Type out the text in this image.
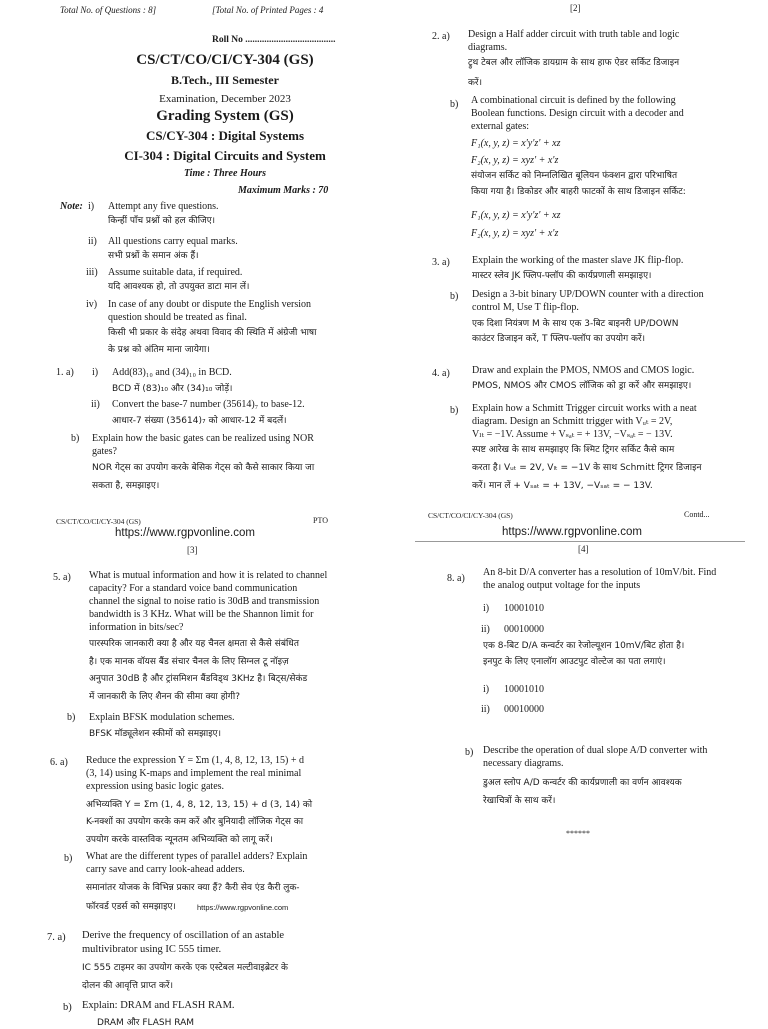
Total No. of Questions : 8]	[Total No. of Printed Pages : 4
Roll No ......................................
CS/CT/CO/CI/CY-304 (GS)
B.Tech., III Semester
Examination, December 2023
Grading System (GS)
CS/CY-304 : Digital Systems
CI-304 : Digital Circuits and System
Time : Three Hours
Maximum Marks : 70
Note: i) Attempt any five questions.
किन्हीं पाँच प्रश्नों को हल कीजिए।
ii) All questions carry equal marks.
सभी प्रश्नों के समान अंक हैं।
iii) Assume suitable data, if required.
यदि आवश्यक हो, तो उपयुक्त डाटा मान लें।
iv) In case of any doubt or dispute the English version
question should be treated as final.
किसी भी प्रकार के संदेह अथवा विवाद की स्थिति में अंग्रेजी भाषा
के प्रश्न को अंतिम माना जायेगा।
1. a) i) Add(83)₁₀ and (34)₁₀ in BCD.
BCD में (83)₁₀ और (34)₁₀ जोड़ें।
ii) Convert the base-7 number (35614)₇ to base-12.
आधार-7 संख्या (35614)₇ को आधार-12 में बदलें।
b) Explain how the basic gates can be realized using NOR
gates?
NOR गेट्स का उपयोग करके बेसिक गेट्स को कैसे साकार किया जा
सकता है, समझाइए।
CS/CT/CO/CI/CY-304 (GS)	PTO
https://www.rgpvonline.com
[2]
2. a) Design a Half adder circuit with truth table and logic
diagrams.
ट्रुथ टेबल और लॉजिक डायग्राम के साथ हाफ ऐडर सर्किट डिजाइन
करें।
b) A combinational circuit is defined by the following
Boolean functions. Design circuit with a decoder and
external gates:
F₁(x, y, z) = x'y'z' + xz
F₂(x, y, z) = xyz' + x'z
संयोजन सर्किट को निम्नलिखित बूलियन फंक्शन द्वारा परिभाषित
किया गया है। डिकोडर और बाहरी फाटकों के साथ डिजाइन सर्किट:
F₁(x, y, z) = x'y'z' + xz
F₂(x, y, z) = xyz' + x'z
3. a) Explain the working of the master slave JK flip-flop.
मास्टर स्लेव JK फ्लिप-फ्लॉप की कार्यप्रणाली समझाइए।
b) Design a 3-bit binary UP/DOWN counter with a direction
control M, Use T flip-flop.
एक दिशा नियंत्रण M के साथ एक 3-बिट बाइनरी UP/DOWN
काउंटर डिजाइन करें, T फ्लिप-फ्लॉप का उपयोग करें।
4. a) Draw and explain the PMOS, NMOS and CMOS logic.
PMOS, NMOS और CMOS लॉजिक को ड्रा करें और समझाइए।
b) Explain how a Schmitt Trigger circuit works with a neat
diagram. Design an Schmitt trigger with Vᵤₜ = 2V,
Vₗₜ = −1V. Assume + Vₛₐₜ = + 13V, −Vₛₐₜ = − 13V.
स्पष्ट आरेख के साथ समझाइए कि श्मिट ट्रिगर सर्किट कैसे काम
करता है। Vᵤₜ = 2V, Vₗₜ = −1V के साथ Schmitt ट्रिगर डिजाइन
करें। मान लें + Vₛₐₜ = + 13V, −Vₛₐₜ = − 13V.
CS/CT/CO/CI/CY-304 (GS)	Contd...
https://www.rgpvonline.com
[3]
5. a) What is mutual information and how it is related to channel
capacity? For a standard voice band communication
channel the signal to noise ratio is 30dB and transmission
bandwidth is 3 KHz. What will be the Shannon limit for
information in bits/sec?
पारस्परिक जानकारी क्या है और यह चैनल क्षमता से कैसे संबंधित
है। एक मानक वॉयस बैंड संचार चैनल के लिए सिग्नल टू नॉइज़
अनुपात 30dB है और ट्रांसमिशन बैंडविड्थ 3KHz है। बिट्स/सेकंड
में जानकारी के लिए शैनन की सीमा क्या होगी?
b) Explain BFSK modulation schemes.
BFSK मॉड्यूलेशन स्कीमों को समझाइए।
6. a) Reduce the expression Y = Σm (1, 4, 8, 12, 13, 15) + d
(3, 14) using K-maps and implement the real minimal
expression using basic logic gates.
अभिव्यक्ति Y = Σm (1, 4, 8, 12, 13, 15) + d (3, 14) को
K-नक्शों का उपयोग करके कम करें और बुनियादी लॉजिक गेट्स का
उपयोग करके वास्तविक न्यूनतम अभिव्यक्ति को लागू करें।
b) What are the different types of parallel adders? Explain
carry save and carry look-ahead adders.
समानांतर योजक के विभिन्न प्रकार क्या हैं? कैरी सेव एंड कैरी लुक-
फॉरवर्ड एडर्स को समझाइए।	https://www.rgpvonline.com
7. a) Derive the frequency of oscillation of an astable
multivibrator using IC 555 timer.
IC 555 टाइमर का उपयोग करके एक एस्टेबल मल्टीवाइब्रेटर के
दोलन की आवृत्ति प्राप्त करें।
b) Explain: DRAM and FLASH RAM.
DRAM और FLASH RAM
[4]
8. a)
An 8-bit D/A converter has a resolution of 10mV/bit. Find
the analog output voltage for the inputs
i) 10001010
ii) 00010000
एक 8-बिट D/A कन्वर्टर का रेजोल्यूशन 10mV/बिट होता है।
इनपुट के लिए एनालॉग आउटपुट वोल्टेज का पता लगाएं।
i) 10001010
ii) 00010000
b) Describe the operation of dual slope A/D converter with
necessary diagrams.
डुअल स्लोप A/D कन्वर्टर की कार्यप्रणाली का वर्णन आवश्यक
रेखाचित्रों के साथ करें।
******
